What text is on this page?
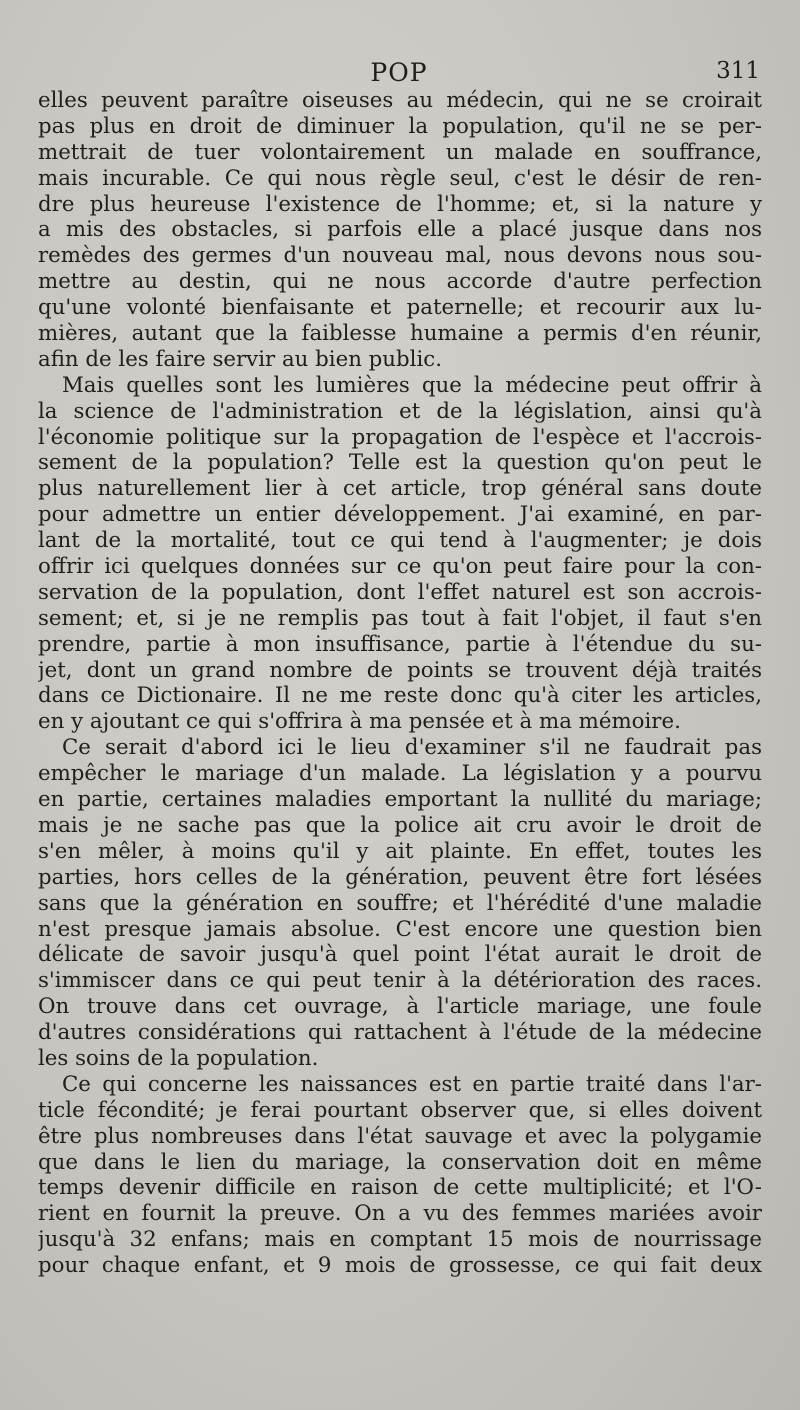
POP	311
elles peuvent paraître oiseuses au médecin, qui ne se croirait
pas plus en droit de diminuer la population, qu'il ne se per-
mettrait de tuer volontairement un malade en souffrance,
mais incurable. Ce qui nous règle seul, c'est le désir de ren-
dre plus heureuse l'existence de l'homme; et, si la nature y
a mis des obstacles, si parfois elle a placé jusque dans nos
remèdes des germes d'un nouveau mal, nous devons nous sou-
mettre au destin, qui ne nous accorde d'autre perfection
qu'une volonté bienfaisante et paternelle; et recourir aux lu-
mières, autant que la faiblesse humaine a permis d'en réunir,
afin de les faire servir au bien public.
Mais quelles sont les lumières que la médecine peut offrir à
la science de l'administration et de la législation, ainsi qu'à
l'économie politique sur la propagation de l'espèce et l'accrois-
sement de la population? Telle est la question qu'on peut le
plus naturellement lier à cet article, trop général sans doute
pour admettre un entier développement. J'ai examiné, en par-
lant de la mortalité, tout ce qui tend à l'augmenter; je dois
offrir ici quelques données sur ce qu'on peut faire pour la con-
servation de la population, dont l'effet naturel est son accrois-
sement; et, si je ne remplis pas tout à fait l'objet, il faut s'en
prendre, partie à mon insuffisance, partie à l'étendue du su-
jet, dont un grand nombre de points se trouvent déjà traités
dans ce Dictionaire. Il ne me reste donc qu'à citer les articles,
en y ajoutant ce qui s'offrira à ma pensée et à ma mémoire.
Ce serait d'abord ici le lieu d'examiner s'il ne faudrait pas
empêcher le mariage d'un malade. La législation y a pourvu
en partie, certaines maladies emportant la nullité du mariage;
mais je ne sache pas que la police ait cru avoir le droit de
s'en mêler, à moins qu'il y ait plainte. En effet, toutes les
parties, hors celles de la génération, peuvent être fort lésées
sans que la génération en souffre; et l'hérédité d'une maladie
n'est presque jamais absolue. C'est encore une question bien
délicate de savoir jusqu'à quel point l'état aurait le droit de
s'immiscer dans ce qui peut tenir à la détérioration des races.
On trouve dans cet ouvrage, à l'article mariage, une foule
d'autres considérations qui rattachent à l'étude de la médecine
les soins de la population.
Ce qui concerne les naissances est en partie traité dans l'ar-
ticle fécondité; je ferai pourtant observer que, si elles doivent
être plus nombreuses dans l'état sauvage et avec la polygamie
que dans le lien du mariage, la conservation doit en même
temps devenir difficile en raison de cette multiplicité; et l'O-
rient en fournit la preuve. On a vu des femmes mariées avoir
jusqu'à 32 enfans; mais en comptant 15 mois de nourrissage
pour chaque enfant, et 9 mois de grossesse, ce qui fait deux
